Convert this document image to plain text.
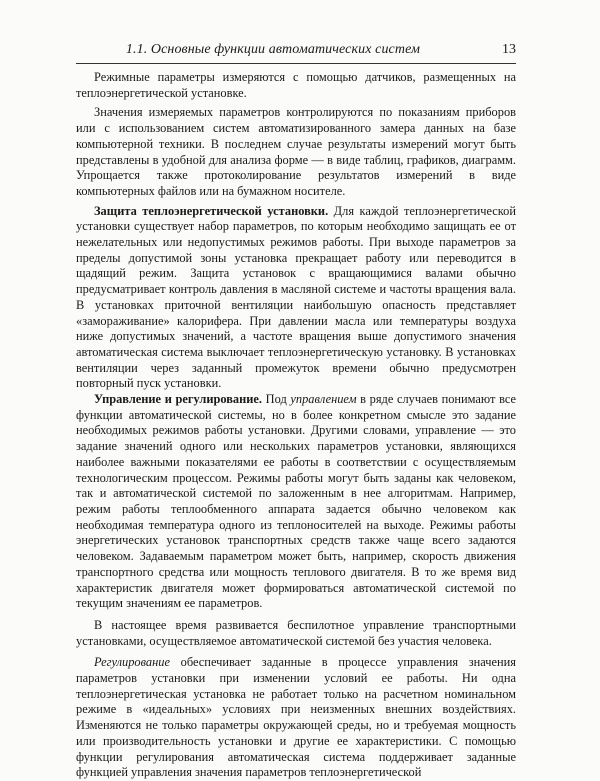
1.1. Основные функции автоматических систем	13

Режимные параметры измеряются с помощью датчиков, размещенных на теплоэнергетической установке.

Значения измеряемых параметров контролируются по показаниям приборов или с использованием систем автоматизированного замера данных на базе компьютерной техники. В последнем случае результаты измерений могут быть представлены в удобной для анализа форме — в виде таблиц, графиков, диаграмм. Упрощается также протоколирование результатов измерений в виде компьютерных файлов или на бумажном носителе.

Защита теплоэнергетической установки. Для каждой теплоэнергетической установки существует набор параметров, по которым необходимо защищать ее от нежелательных или недопустимых режимов работы. При выходе параметров за пределы допустимой зоны установка прекращает работу или переводится в щадящий режим. Защита установок с вращающимися валами обычно предусматривает контроль давления в масляной системе и частоты вращения вала. В установках приточной вентиляции наибольшую опасность представляет «замораживание» калорифера. При давлении масла или температуры воздуха ниже допустимых значений, а частоте вращения выше допустимого значения автоматическая система выключает теплоэнергетическую установку. В установках вентиляции через заданный промежуток времени обычно предусмотрен повторный пуск установки.

Управление и регулирование. Под управлением в ряде случаев понимают все функции автоматической системы, но в более конкретном смысле это задание необходимых режимов работы установки. Другими словами, управление — это задание значений одного или нескольких параметров установки, являющихся наиболее важными показателями ее работы в соответствии с осуществляемым технологическим процессом. Режимы работы могут быть заданы как человеком, так и автоматической системой по заложенным в нее алгоритмам. Например, режим работы теплообменного аппарата задается обычно человеком как необходимая температура одного из теплоносителей на выходе. Режимы работы энергетических установок транспортных средств также чаще всего задаются человеком. Задаваемым параметром может быть, например, скорость движения транспортного средства или мощность теплового двигателя. В то же время вид характеристик двигателя может формироваться автоматической системой по текущим значениям ее параметров.

В настоящее время развивается беспилотное управление транспортными установками, осуществляемое автоматической системой без участия человека.

Регулирование обеспечивает заданные в процессе управления значения параметров установки при изменении условий ее работы. Ни одна теплоэнергетическая установка не работает только на расчетном номинальном режиме в «идеальных» условиях при неизменных внешних воздействиях. Изменяются не только параметры окружающей среды, но и требуемая мощность или производительность установки и другие ее характеристики. С помощью функции регулирования автоматическая система поддерживает заданные функцией управления значения параметров теплоэнергетической
